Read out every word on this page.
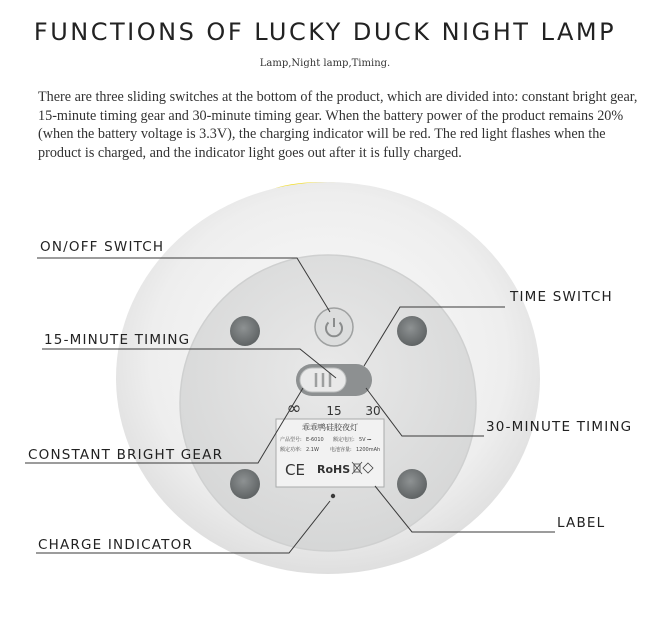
FUNCTIONS OF LUCKY DUCK NIGHT LAMP
Lamp,Night lamp,Timing.
There are three sliding switches at the bottom of the product, which are divided into: constant bright gear, 15-minute timing gear and 30-minute timing gear. When the battery power of the product remains 20% (when the battery voltage is 3.3V), the charging indicator will be red. The red light flashes when the product is charged, and the indicator light goes out after it is fully charged.
∞ 15 30
乖乖鸭硅胶夜灯
产品型号: E-6010 额定电压: 5V ⎓
额定功率: 2.1W 电池容量: 1200mAh
CE RoHS
ON/OFF SWITCH
TIME SWITCH
15-MINUTE TIMING
30-MINUTE TIMING
CONSTANT BRIGHT GEAR
LABEL
CHARGE INDICATOR
